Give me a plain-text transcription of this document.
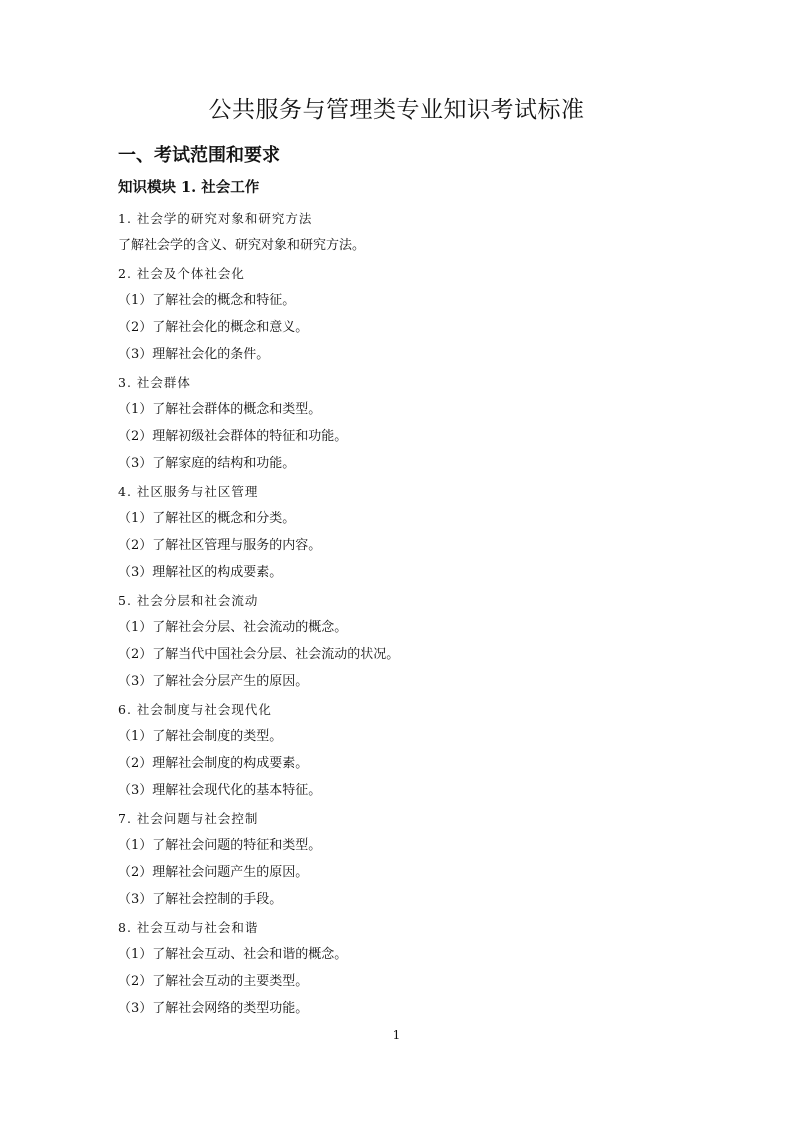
公共服务与管理类专业知识考试标准
一、考试范围和要求
知识模块 1. 社会工作
1. 社会学的研究对象和研究方法
了解社会学的含义、研究对象和研究方法。
2. 社会及个体社会化
（1）了解社会的概念和特征。
（2）了解社会化的概念和意义。
（3）理解社会化的条件。
3. 社会群体
（1）了解社会群体的概念和类型。
（2）理解初级社会群体的特征和功能。
（3）了解家庭的结构和功能。
4. 社区服务与社区管理
（1）了解社区的概念和分类。
（2）了解社区管理与服务的内容。
（3）理解社区的构成要素。
5. 社会分层和社会流动
（1）了解社会分层、社会流动的概念。
（2）了解当代中国社会分层、社会流动的状况。
（3）了解社会分层产生的原因。
6. 社会制度与社会现代化
（1）了解社会制度的类型。
（2）理解社会制度的构成要素。
（3）理解社会现代化的基本特征。
7. 社会问题与社会控制
（1）了解社会问题的特征和类型。
（2）理解社会问题产生的原因。
（3）了解社会控制的手段。
8. 社会互动与社会和谐
（1）了解社会互动、社会和谐的概念。
（2）了解社会互动的主要类型。
（3）了解社会网络的类型功能。
1
